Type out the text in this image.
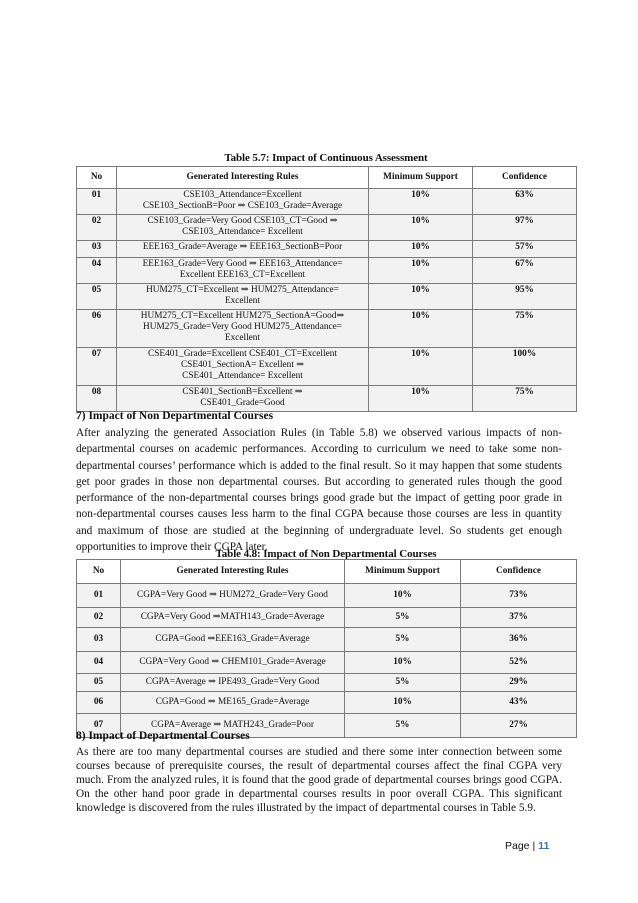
Table 5.7: Impact of Continuous Assessment
No	Generated Interesting Rules	Minimum Support	Confidence
01	CSE103_Attendance=Excellent
CSE103_SectionB=Poor ⇒ CSE103_Grade=Average	10%	63%
02	CSE103_Grade=Very Good CSE103_CT=Good ⇒
CSE103_Attendance= Excellent	10%	97%
03	EEE163_Grade=Average ⇒ EEE163_SectionB=Poor	10%	57%
04	EEE163_Grade=Very Good ⇒ EEE163_Attendance=
Excellent EEE163_CT=Excellent	10%	67%
05	HUM275_CT=Excellent ⇒ HUM275_Attendance=
Excellent	10%	95%
06	HUM275_CT=Excellent HUM275_SectionA=Good⇒
HUM275_Grade=Very Good HUM275_Attendance=
Excellent	10%	75%
07	CSE401_Grade=Excellent CSE401_CT=Excellent
CSE401_SectionA= Excellent ⇒
CSE401_Attendance= Excellent	10%	100%
08	CSE401_SectionB=Excellent ⇒
CSE401_Grade=Good	10%	75%
7) Impact of Non Departmental Courses
After analyzing the generated Association Rules (in Table 5.8) we observed various impacts of non-departmental courses on academic performances. According to curriculum we need to take some non-departmental courses’ performance which is added to the final result. So it may happen that some students get poor grades in those non departmental courses. But according to generated rules though the good performance of the non-departmental courses brings good grade but the impact of getting poor grade in non-departmental courses causes less harm to the final CGPA because those courses are less in quantity and maximum of those are studied at the beginning of undergraduate level. So students get enough opportunities to improve their CGPA later.
Table 4.8: Impact of Non Departmental Courses
No	Generated Interesting Rules	Minimum Support	Confidence
01	CGPA=Very Good ⇒ HUM272_Grade=Very Good	10%	73%
02	CGPA=Very Good ⇒MATH143_Grade=Average	5%	37%
03	CGPA=Good ⇒EEE163_Grade=Average	5%	36%
04	CGPA=Very Good ⇒ CHEM101_Grade=Average	10%	52%
05	CGPA=Average ⇒ IPE493_Grade=Very Good	5%	29%
06	CGPA=Good ⇒ ME165_Grade=Average	10%	43%
07	CGPA=Average ⇒ MATH243_Grade=Poor	5%	27%
8) Impact of Departmental Courses
As there are too many departmental courses are studied and there some inter connection between some courses because of prerequisite courses, the result of departmental courses affect the final CGPA very much. From the analyzed rules, it is found that the good grade of departmental courses brings good CGPA. On the other hand poor grade in departmental courses results in poor overall CGPA. This significant knowledge is discovered from the rules illustrated by the impact of departmental courses in Table 5.9.
Page | 11
